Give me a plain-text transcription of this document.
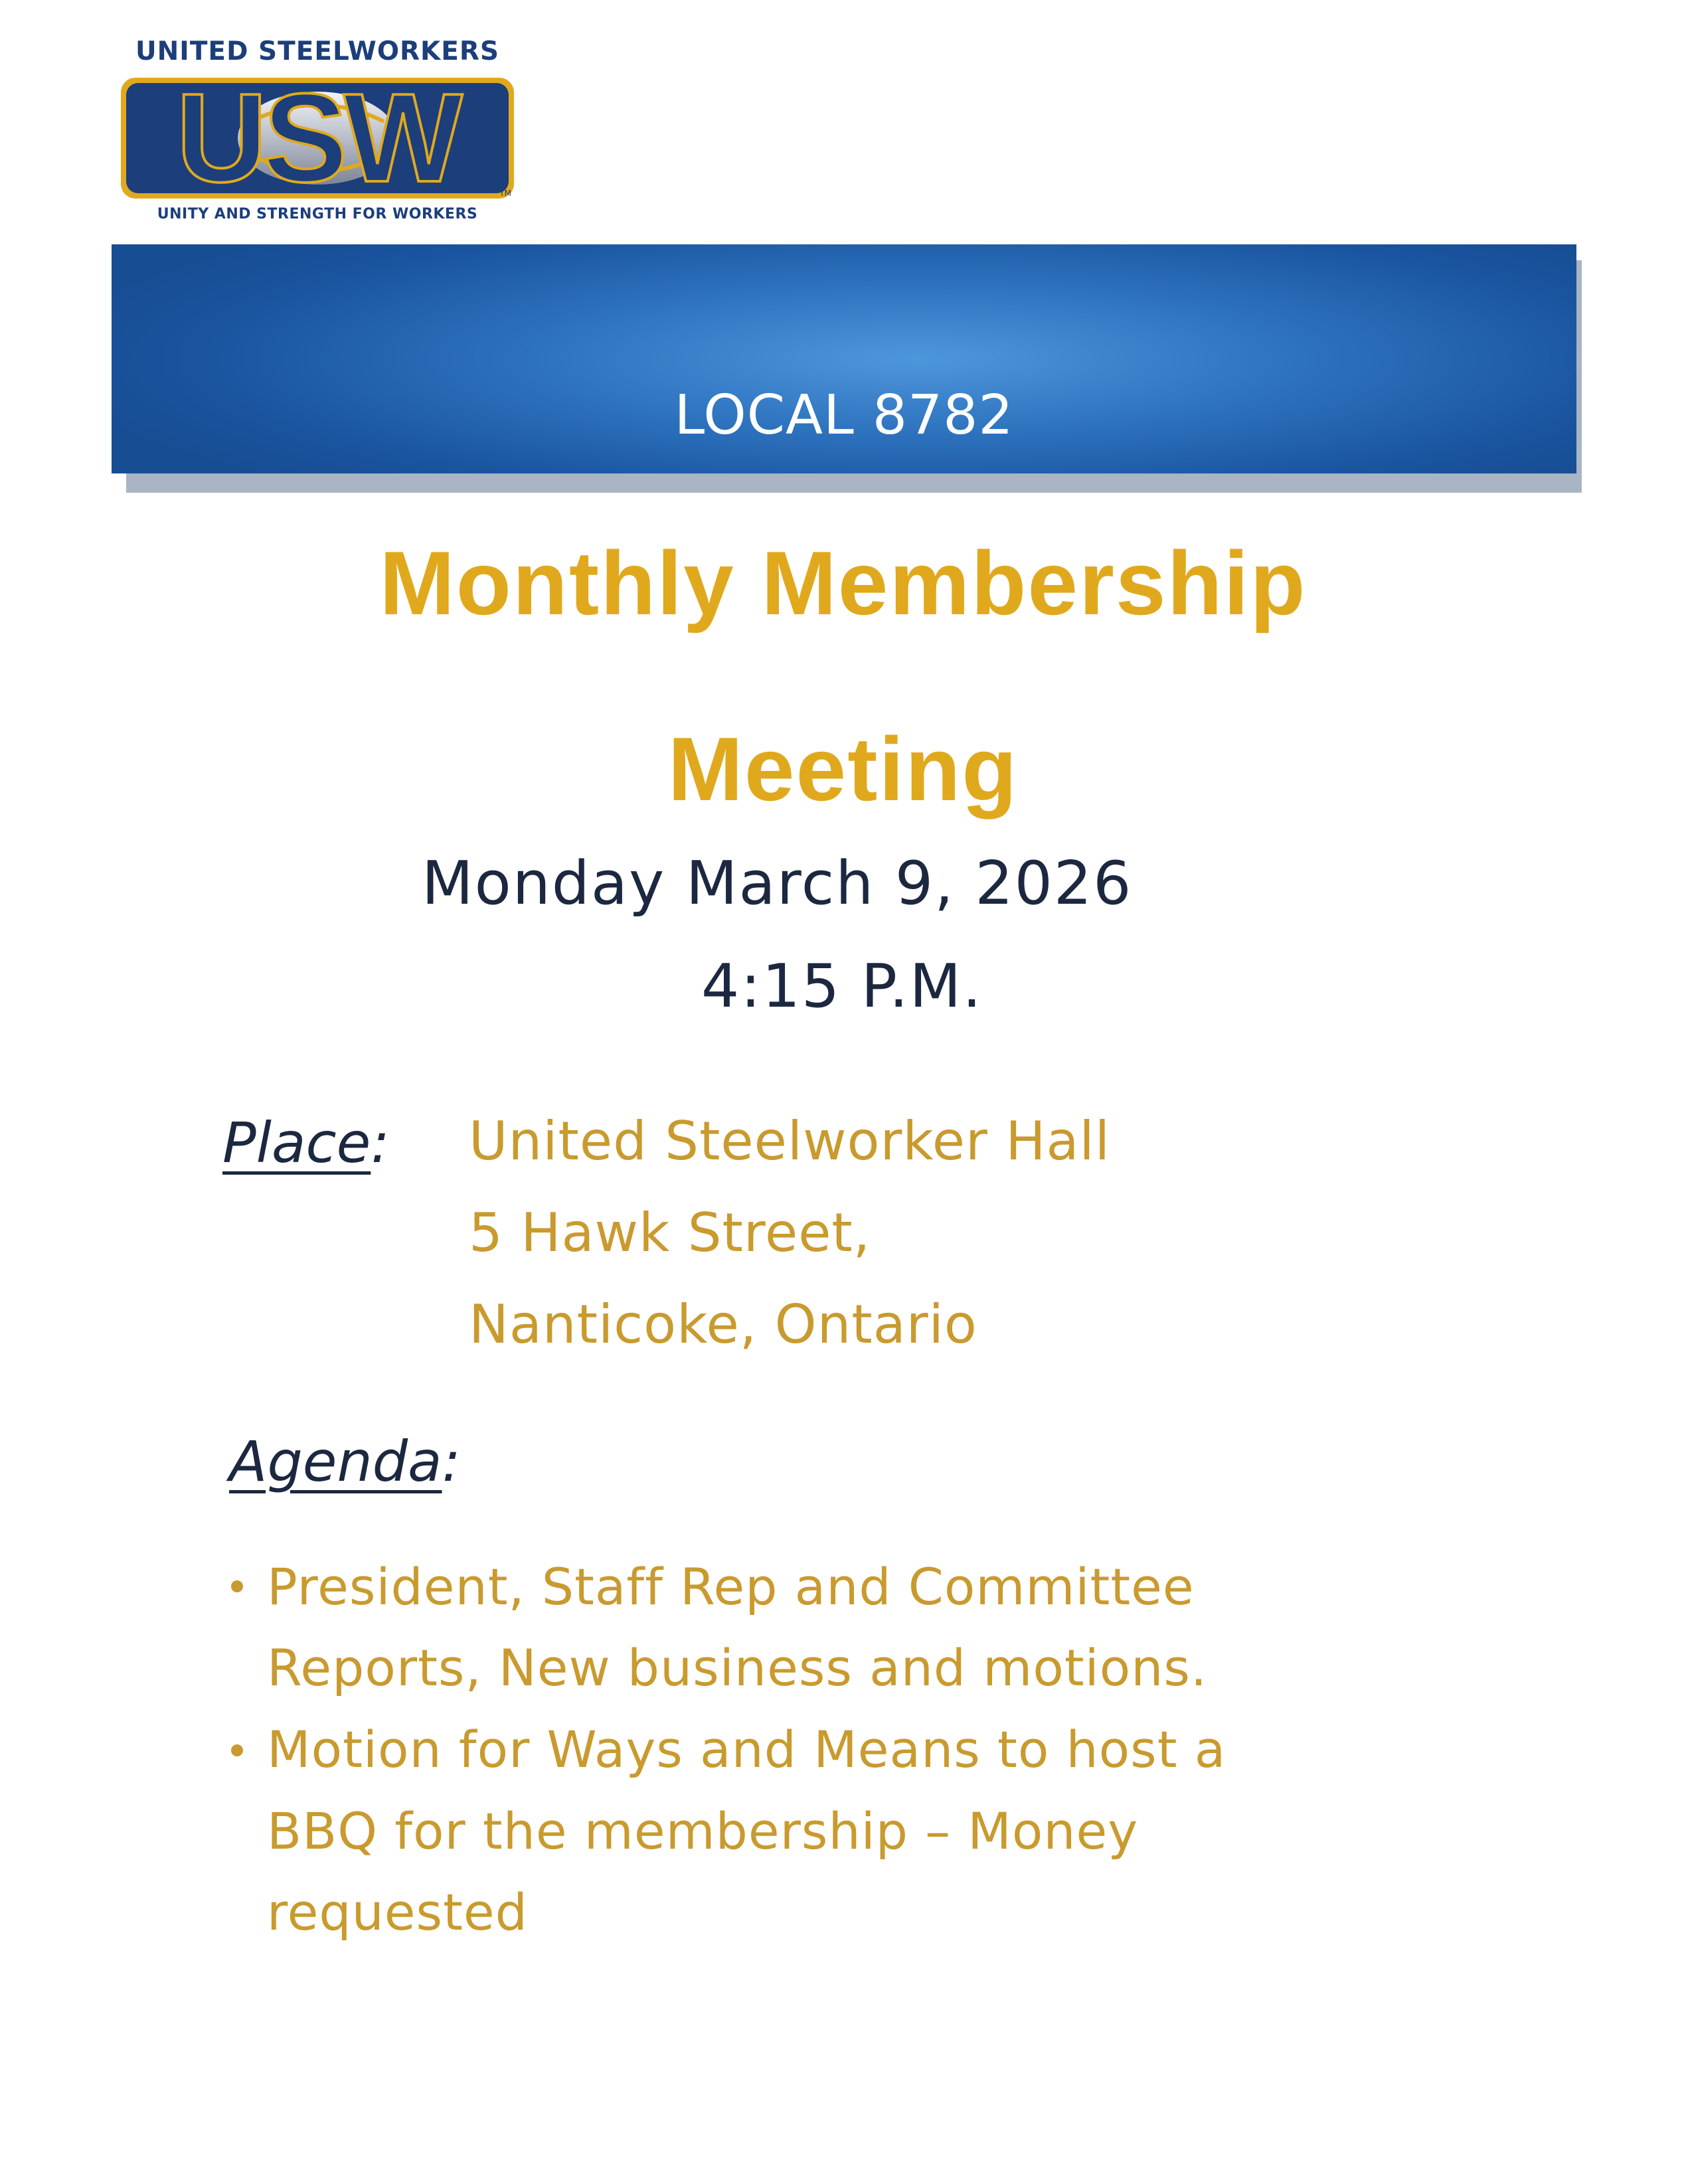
UNITED STEELWORKERS
USW	TM
UNITY AND STRENGTH FOR WORKERS
LOCAL 8782
Monthly Membership
Meeting
Monday March 9, 2026
4:15 P.M.
Place: United Steelworker Hall
5 Hawk Street,
Nanticoke, Ontario
Agenda:
President, Staff Rep and Committee
Reports, New business and motions.
Motion for Ways and Means to host a
BBQ for the membership – Money
requested
